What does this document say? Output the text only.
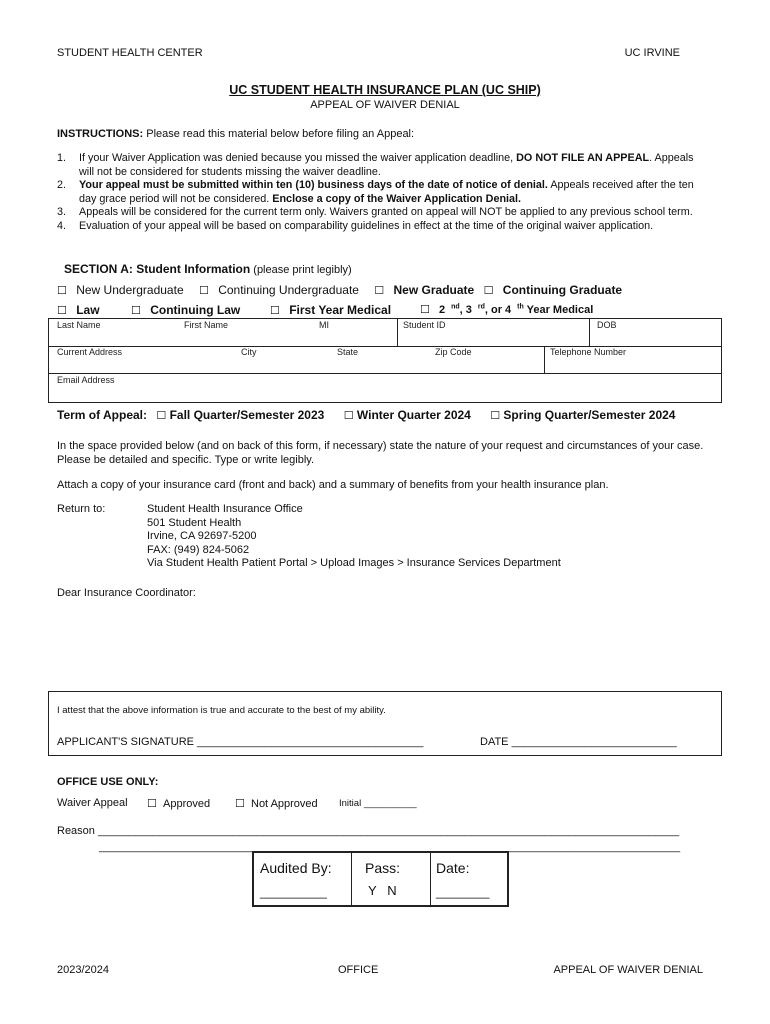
STUDENT HEALTH CENTER	UC IRVINE
UC STUDENT HEALTH INSURANCE PLAN (UC SHIP)
APPEAL OF WAIVER DENIAL
INSTRUCTIONS: Please read this material below before filing an Appeal:
1. If your Waiver Application was denied because you missed the waiver application deadline, DO NOT FILE AN APPEAL. Appeals will not be considered for students missing the waiver deadline.
2. Your appeal must be submitted within ten (10) business days of the date of notice of denial. Appeals received after the ten day grace period will not be considered. Enclose a copy of the Waiver Application Denial.
3. Appeals will be considered for the current term only. Waivers granted on appeal will NOT be applied to any previous school term.
4. Evaluation of your appeal will be based on comparability guidelines in effect at the time of the original waiver application.
SECTION A: Student Information (please print legibly)
☐ New Undergraduate ☐ Continuing Undergraduate ☐ New Graduate ☐ Continuing Graduate
☐ Law	☐ Continuing Law	☐ First Year Medical	☐ 2 $^{nd}$, 3 $^{rd}$, or 4 $^{th}$ Year Medical
Last Name	First Name	MI	Student ID	DOB
Current Address	City	State	Zip Code	Telephone Number
Email Address
Term of Appeal: ☐ Fall Quarter/Semester 2023 ☐ Winter Quarter 2024 ☐ Spring Quarter/Semester 2024
In the space provided below (and on back of this form, if necessary) state the nature of your request and circumstances of your case. Please be detailed and specific. Type or write legibly.
Attach a copy of your insurance card (front and back) and a summary of benefits from your health insurance plan.
Return to:	Student Health Insurance Office
501 Student Health
Irvine, CA 92697-5200
FAX: (949) 824-5062
Via Student Health Patient Portal > Upload Images > Insurance Services Department
Dear Insurance Coordinator:
I attest that the above information is true and accurate to the best of my ability.
APPLICANT'S SIGNATURE _____________________________________	DATE ___________________________
OFFICE USE ONLY:
Waiver Appeal ☐ Approved ☐ Not Approved Initial __________
Reason _______________________________________________________________________________________________
_______________________________________________________________________________________________
Audited By: Pass:	Date:
__________	Y   N	________
2023/2024	OFFICE	APPEAL OF WAIVER DENIAL
